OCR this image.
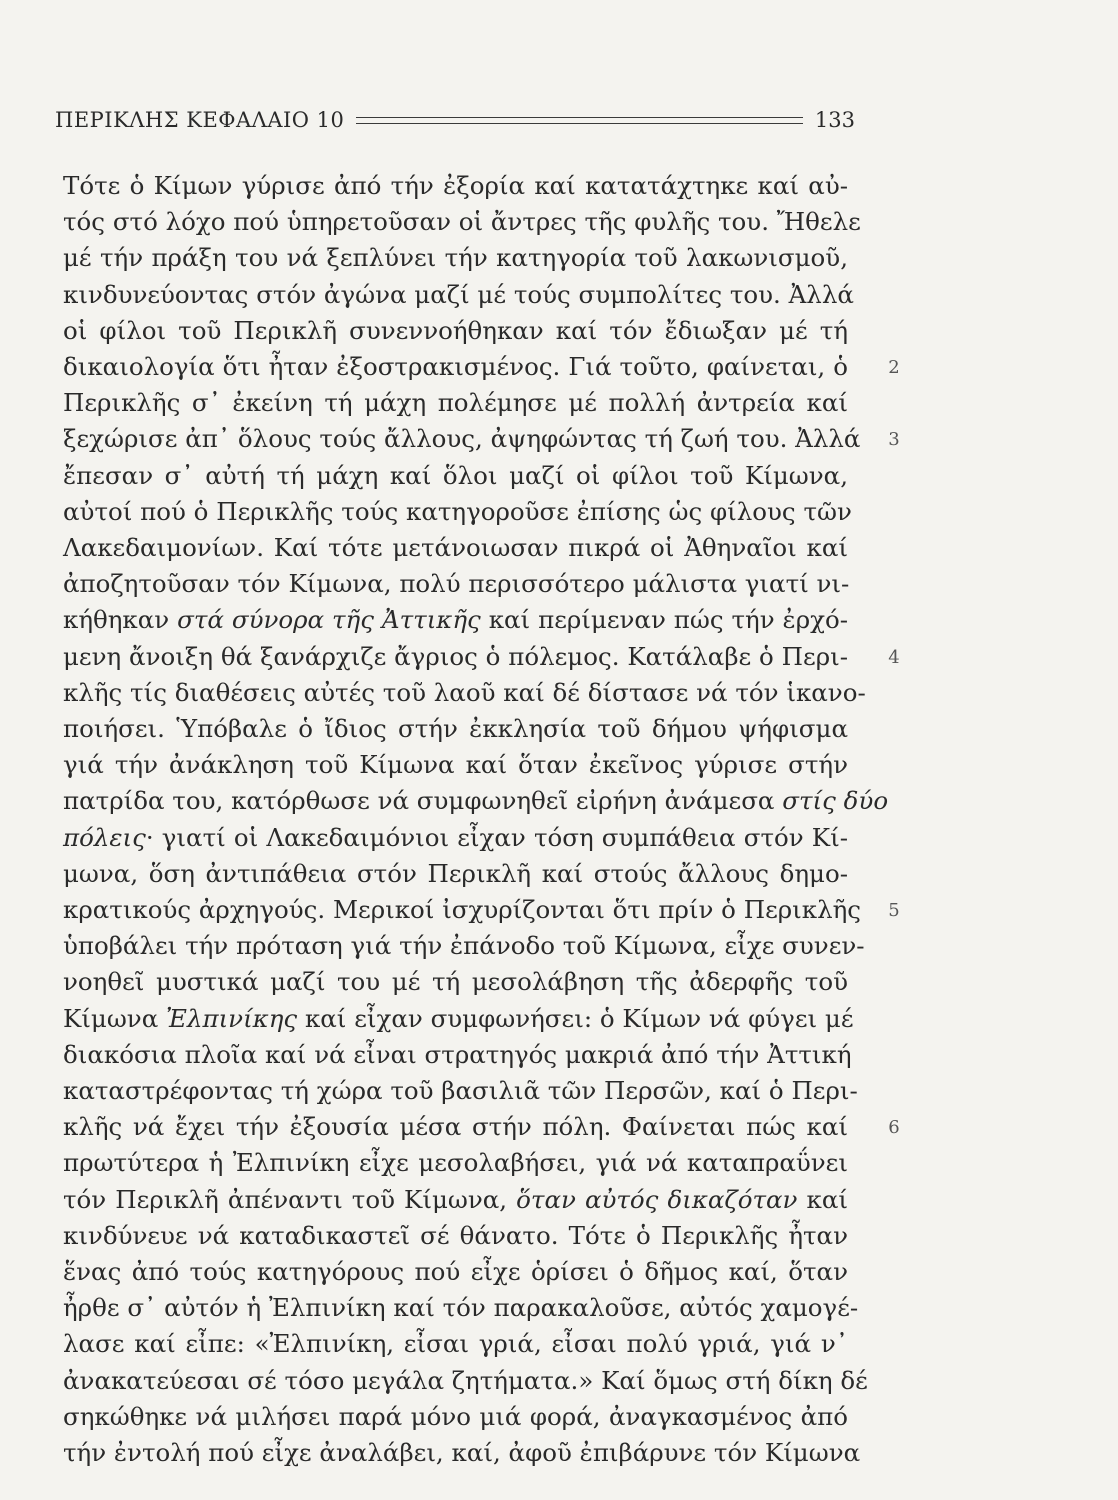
ΠΕΡΙΚΛΗΣ ΚΕΦΑΛΑΙΟ 10	133
Τότε ὁ Κίμων γύρισε ἀπό τήν ἐξορία καί κατατάχτηκε καί αὐ-
τός στό λόχο πού ὑπηρετοῦσαν οἱ ἄντρες τῆς φυλῆς του. Ἤθελε
μέ τήν πράξη του νά ξεπλύνει τήν κατηγορία τοῦ λακωνισμοῦ,
κινδυνεύοντας στόν ἀγώνα μαζί μέ τούς συμπολίτες του. Ἀλλά
οἱ φίλοι τοῦ Περικλῆ συνεννοήθηκαν καί τόν ἔδιωξαν μέ τή
δικαιολογία ὅτι ἦταν ἐξοστρακισμένος. Γιά τοῦτο, φαίνεται, ὁ
Περικλῆς σ᾽ ἐκείνη τή μάχη πολέμησε μέ πολλή ἀντρεία καί
ξεχώρισε ἀπ᾽ ὅλους τούς ἄλλους, ἀψηφώντας τή ζωή του. Ἀλλά
ἔπεσαν σ᾽ αὐτή τή μάχη καί ὅλοι μαζί οἱ φίλοι τοῦ Κίμωνα,
αὐτοί πού ὁ Περικλῆς τούς κατηγοροῦσε ἐπίσης ὡς φίλους τῶν
Λακεδαιμονίων. Καί τότε μετάνοιωσαν πικρά οἱ Ἀθηναῖοι καί
ἀποζητοῦσαν τόν Κίμωνα, πολύ περισσότερο μάλιστα γιατί νι-
κήθηκαν στά σύνορα τῆς Ἀττικῆς καί περίμεναν πώς τήν ἐρχό-
μενη ἄνοιξη θά ξανάρχιζε ἄγριος ὁ πόλεμος. Κατάλαβε ὁ Περι-
κλῆς τίς διαθέσεις αὐτές τοῦ λαοῦ καί δέ δίστασε νά τόν ἱκανο-
ποιήσει. Ὑπόβαλε ὁ ἴδιος στήν ἐκκλησία τοῦ δήμου ψήφισμα
γιά τήν ἀνάκληση τοῦ Κίμωνα καί ὅταν ἐκεῖνος γύρισε στήν
πατρίδα του, κατόρθωσε νά συμφωνηθεῖ εἰρήνη ἀνάμεσα στίς δύο
πόλεις· γιατί οἱ Λακεδαιμόνιοι εἶχαν τόση συμπάθεια στόν Κί-
μωνα, ὅση ἀντιπάθεια στόν Περικλῆ καί στούς ἄλλους δημο-
κρατικούς ἀρχηγούς. Μερικοί ἰσχυρίζονται ὅτι πρίν ὁ Περικλῆς
ὑποβάλει τήν πρόταση γιά τήν ἐπάνοδο τοῦ Κίμωνα, εἶχε συνεν-
νοηθεῖ μυστικά μαζί του μέ τή μεσολάβηση τῆς ἀδερφῆς τοῦ
Κίμωνα Ἐλπινίκης καί εἶχαν συμφωνήσει: ὁ Κίμων νά φύγει μέ
διακόσια πλοῖα καί νά εἶναι στρατηγός μακριά ἀπό τήν Ἀττική
καταστρέφοντας τή χώρα τοῦ βασιλιᾶ τῶν Περσῶν, καί ὁ Περι-
κλῆς νά ἔχει τήν ἐξουσία μέσα στήν πόλη. Φαίνεται πώς καί
πρωτύτερα ἡ Ἐλπινίκη εἶχε μεσολαβήσει, γιά νά καταπραΰνει
τόν Περικλῆ ἀπέναντι τοῦ Κίμωνα, ὅταν αὐτός δικαζόταν καί
κινδύνευε νά καταδικαστεῖ σέ θάνατο. Τότε ὁ Περικλῆς ἦταν
ἕνας ἀπό τούς κατηγόρους πού εἶχε ὁρίσει ὁ δῆμος καί, ὅταν
ἦρθε σ᾽ αὐτόν ἡ Ἐλπινίκη καί τόν παρακαλοῦσε, αὐτός χαμογέ-
λασε καί εἶπε: «Ἐλπινίκη, εἶσαι γριά, εἶσαι πολύ γριά, γιά ν᾽
ἀνακατεύεσαι σέ τόσο μεγάλα ζητήματα.» Καί ὅμως στή δίκη δέ
σηκώθηκε νά μιλήσει παρά μόνο μιά φορά, ἀναγκασμένος ἀπό
τήν ἐντολή πού εἶχε ἀναλάβει, καί, ἀφοῦ ἐπιβάρυνε τόν Κίμωνα
2
3
4
5
6
